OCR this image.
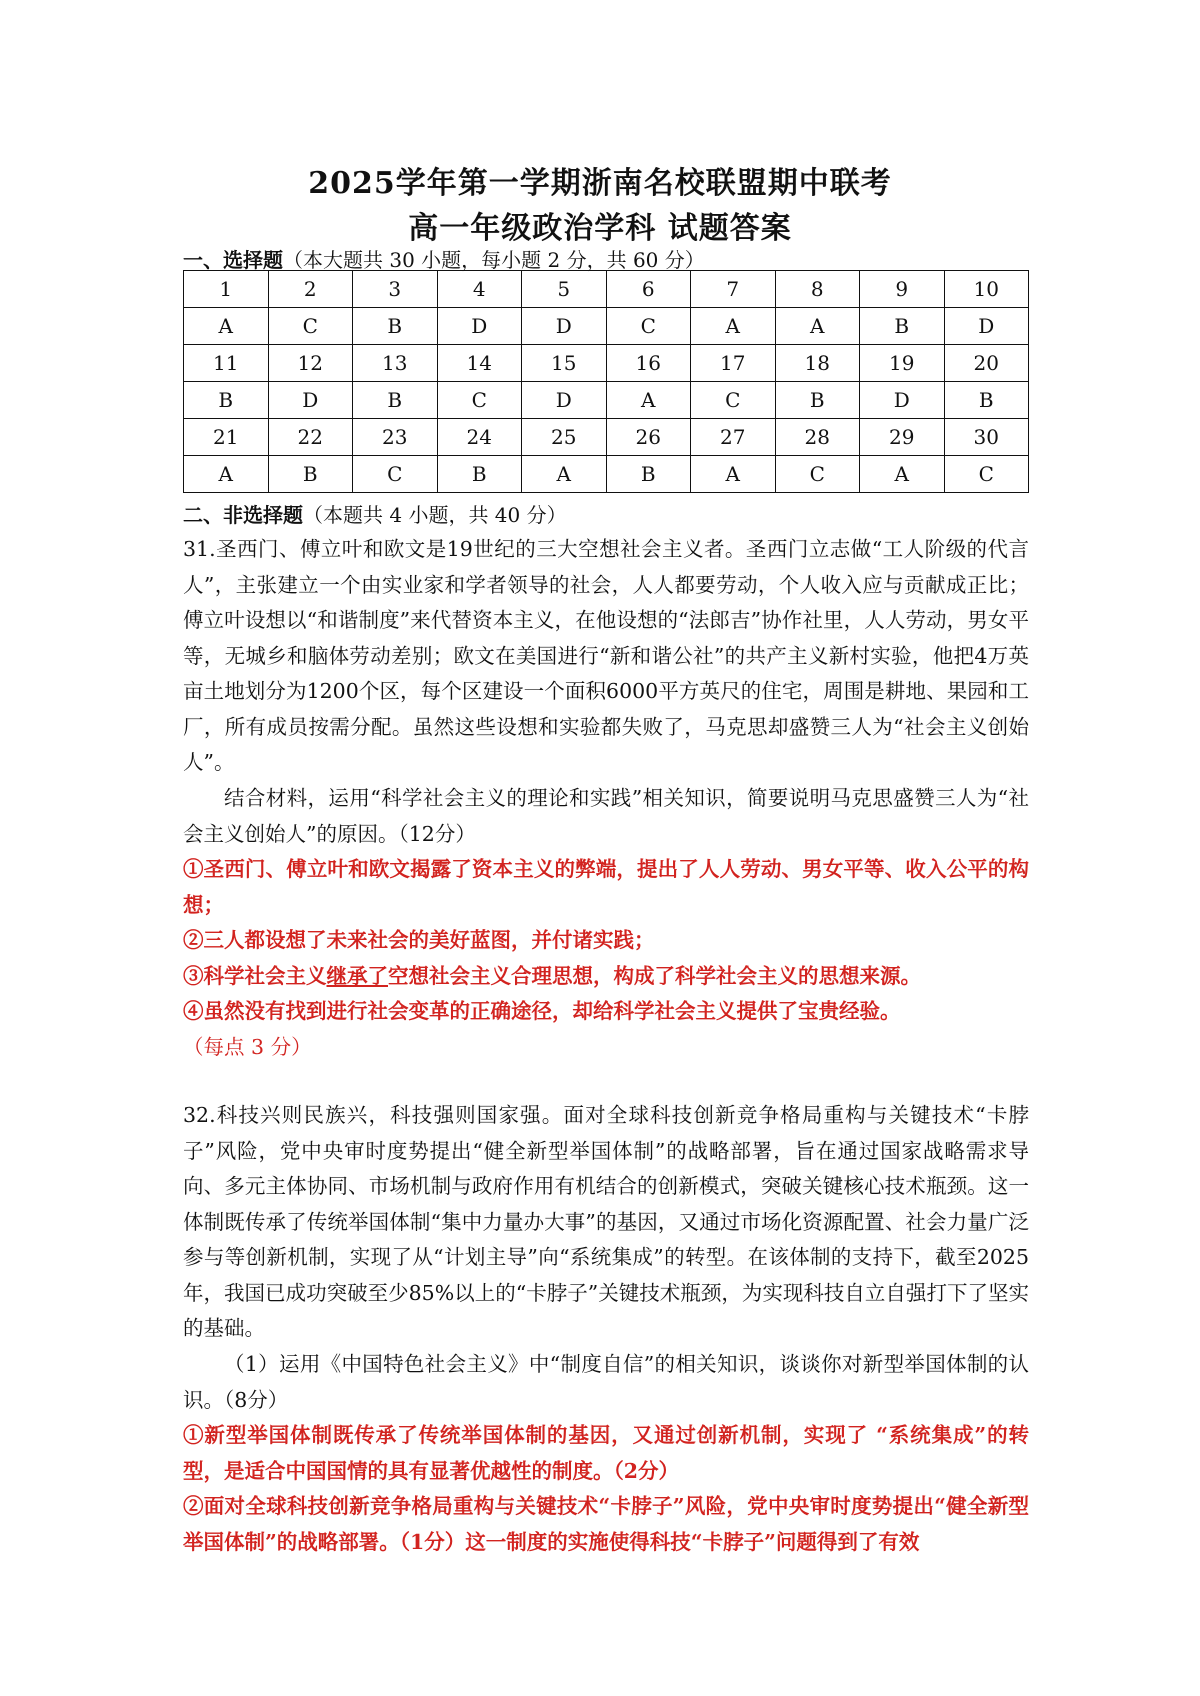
2025学年第一学期浙南名校联盟期中联考
高一年级政治学科 试题答案
一、选择题（本大题共 30 小题，每小题 2 分，共 60 分）
1	2	3	4	5	6	7	8	9	10
A	C	B	D	D	C	A	A	B	D
11	12	13	14	15	16	17	18	19	20
B	D	B	C	D	A	C	B	D	B
21	22	23	24	25	26	27	28	29	30
A	B	C	B	A	B	A	C	A	C
二、非选择题（本题共 4 小题，共 40 分）
31.圣西门、傅立叶和欧文是19世纪的三大空想社会主义者。圣西门立志做“工人阶级的代言人”，主张建立一个由实业家和学者领导的社会，人人都要劳动，个人收入应与贡献成正比；傅立叶设想以“和谐制度”来代替资本主义，在他设想的“法郎吉”协作社里，人人劳动，男女平等，无城乡和脑体劳动差别；欧文在美国进行“新和谐公社”的共产主义新村实验，他把4万英亩土地划分为1200个区，每个区建设一个面积6000平方英尺的住宅，周围是耕地、果园和工厂，所有成员按需分配。虽然这些设想和实验都失败了，马克思却盛赞三人为“社会主义创始人”。
结合材料，运用“科学社会主义的理论和实践”相关知识，简要说明马克思盛赞三人为“社会主义创始人”的原因。（12分）
①圣西门、傅立叶和欧文揭露了资本主义的弊端，提出了人人劳动、男女平等、收入公平的构想；
②三人都设想了未来社会的美好蓝图，并付诸实践；
③科学社会主义继承了空想社会主义合理思想，构成了科学社会主义的思想来源。
④虽然没有找到进行社会变革的正确途径，却给科学社会主义提供了宝贵经验。
（每点 3 分）
32.科技兴则民族兴，科技强则国家强。面对全球科技创新竞争格局重构与关键技术“卡脖子”风险，党中央审时度势提出“健全新型举国体制”的战略部署，旨在通过国家战略需求导向、多元主体协同、市场机制与政府作用有机结合的创新模式，突破关键核心技术瓶颈。这一体制既传承了传统举国体制“集中力量办大事”的基因，又通过市场化资源配置、社会力量广泛参与等创新机制，实现了从“计划主导”向“系统集成”的转型。在该体制的支持下，截至2025年，我国已成功突破至少85%以上的“卡脖子”关键技术瓶颈，为实现科技自立自强打下了坚实的基础。
（1）运用《中国特色社会主义》中“制度自信”的相关知识，谈谈你对新型举国体制的认识。（8分）
①新型举国体制既传承了传统举国体制的基因，又通过创新机制，实现了 “系统集成”的转型，是适合中国国情的具有显著优越性的制度。（2分）
②面对全球科技创新竞争格局重构与关键技术“卡脖子”风险，党中央审时度势提出“健全新型举国体制”的战略部署。（1分）这一制度的实施使得科技“卡脖子”问题得到了有效
